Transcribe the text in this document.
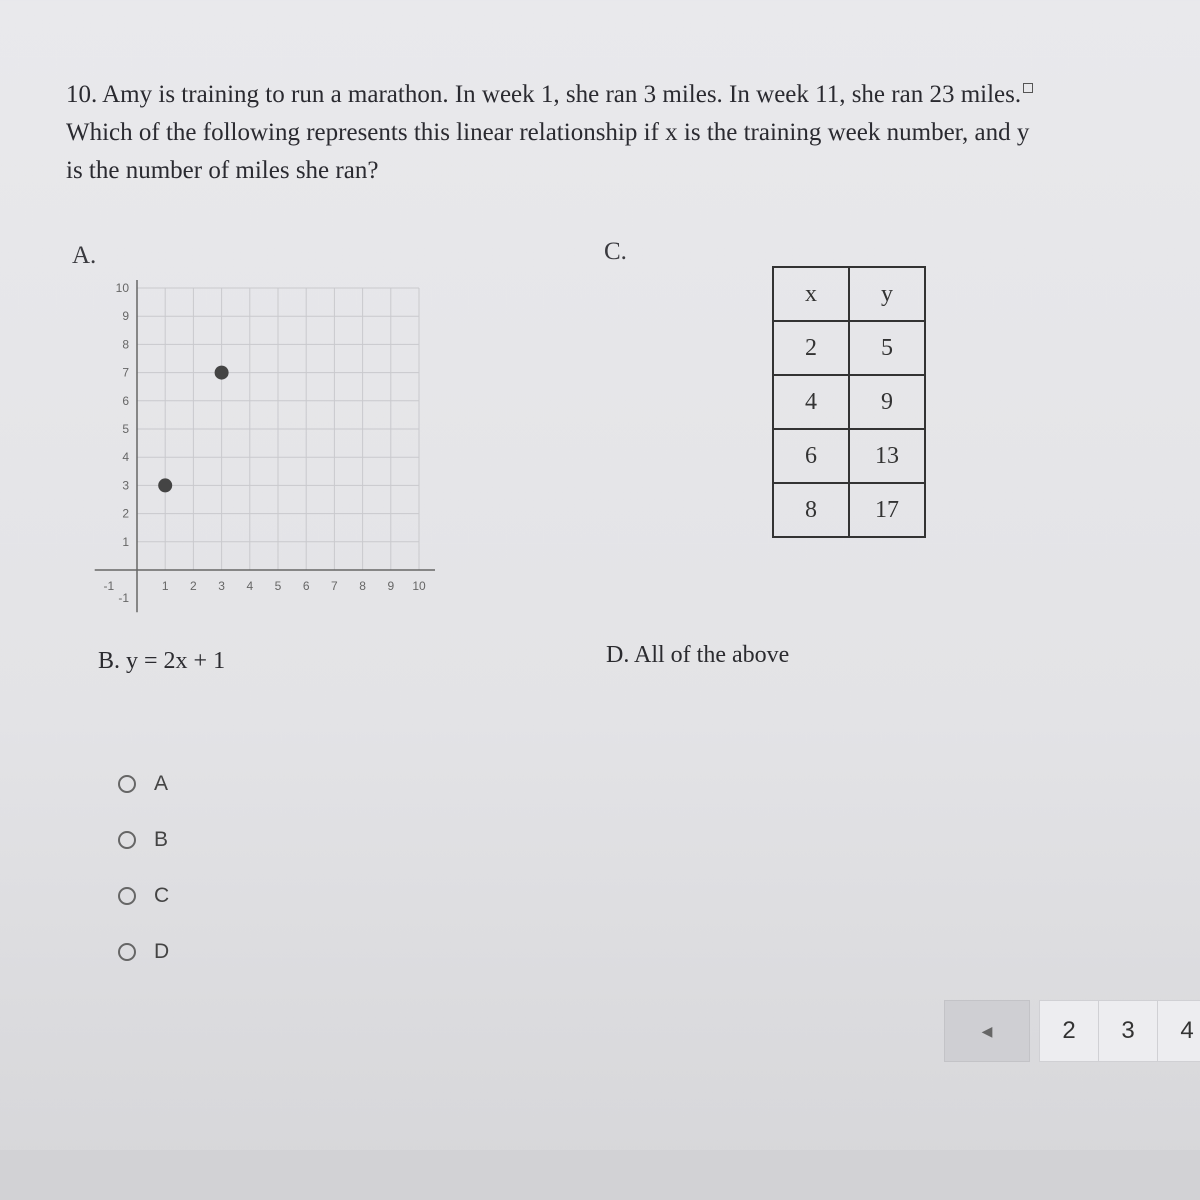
10. Amy is training to run a marathon. In week 1, she ran 3 miles. In week 11, she ran 23 miles.

Which of the following represents this linear relationship if x is the training week number, and y

is the number of miles she ran?

A.	C.
-1	1 2 3 4 5 6 7 8 9 10
10
9
8
7
6
5
4
3
2
1
-1
x	y
2	5
4	9
6	13
8	17
B. y = 2x + 1	D. All of the above
A
B
C
D
◀	2	3	4
